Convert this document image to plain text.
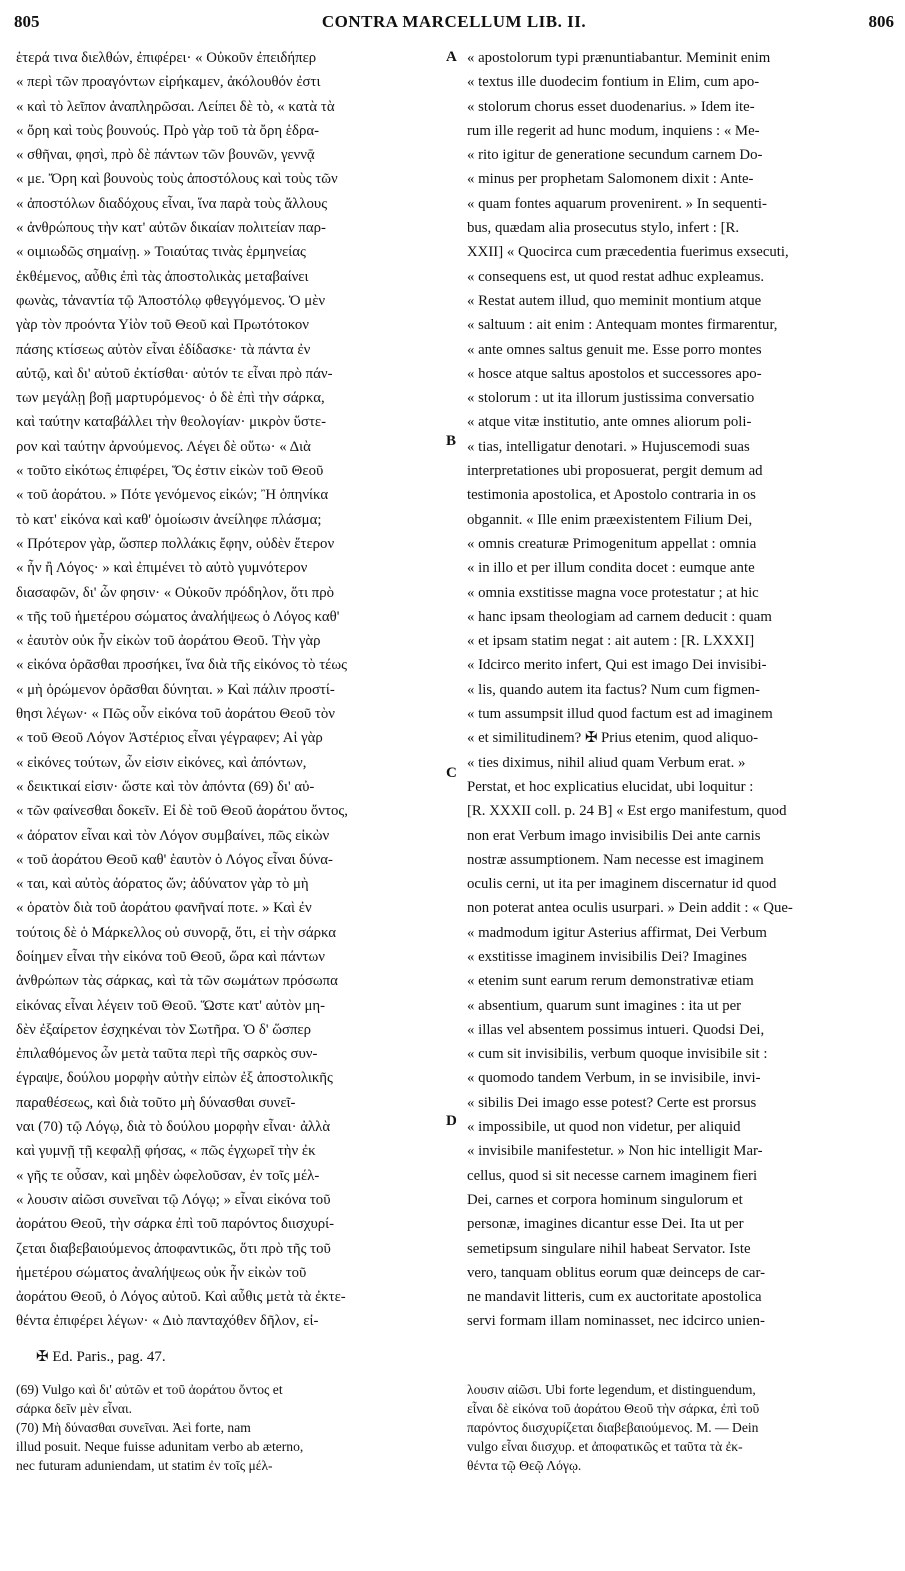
805	CONTRA MARCELLUM LIB. II.	806
ἑτερά τινα διελθών, ἐπιφέρει· « Οὐκοῦν ἐπειδήπερ
« περὶ τῶν προαγόντων εἰρήκαμεν, ἀκόλουθόν ἐστι
« καὶ τὸ λεῖπον ἀναπληρῶσαι. Λείπει δὲ τὸ, « κατὰ τὰ
« ὄρη καὶ τοὺς βουνούς. Πρὸ γὰρ τοῦ τὰ ὄρη ἑδρα-
« σθῆναι, φησὶ, πρὸ δὲ πάντων τῶν βουνῶν, γεννᾷ
« με. Ὄρη καὶ βουνοὺς τοὺς ἀποστόλους καὶ τοὺς τῶν
« ἀποστόλων διαδόχους εἶναι, ἵνα παρὰ τοὺς ἄλλους
« ἀνθρώπους τὴν κατ' αὐτῶν δικαίαν πολιτείαν παρ-
« οιμιωδῶς σημαίνῃ. » Τοιαύτας τινὰς ἑρμηνείας
ἐκθέμενος, αὖθις ἐπὶ τὰς ἀποστολικὰς μεταβαίνει
φωνὰς, τἀναντία τῷ Ἀποστόλῳ φθεγγόμενος. Ὁ μὲν
γὰρ τὸν προόντα Υἱὸν τοῦ Θεοῦ καὶ Πρωτότοκον
πάσης κτίσεως αὐτὸν εἶναι ἐδίδασκε· τὰ πάντα ἐν
αὐτῷ, καὶ δι' αὐτοῦ ἐκτίσθαι· αὐτόν τε εἶναι πρὸ πάν-
των μεγάλῃ βοῇ μαρτυρόμενος· ὁ δὲ ἐπὶ τὴν σάρκα,
καὶ ταύτην καταβάλλει τὴν θεολογίαν· μικρὸν ὕστε-
ρον καὶ ταύτην ἀρνούμενος. Λέγει δὲ οὕτω· « Διὰ
« τοῦτο εἰκότως ἐπιφέρει, Ὅς ἐστιν εἰκὼν τοῦ Θεοῦ
« τοῦ ἀοράτου. » Πότε γενόμενος εἰκών; Ἢ ὁπηνίκα
τὸ κατ' εἰκόνα καὶ καθ' ὁμοίωσιν ἀνείληφε πλάσμα;
« Πρότερον γὰρ, ὥσπερ πολλάκις ἔφην, οὐδὲν ἕτερον
« ἦν ἢ Λόγος· » καὶ ἐπιμένει τὸ αὐτὸ γυμνότερον
διασαφῶν, δι' ὧν φησιν· « Οὐκοῦν πρόδηλον, ὅτι πρὸ
« τῆς τοῦ ἡμετέρου σώματος ἀναλήψεως ὁ Λόγος καθ'
« ἑαυτὸν οὐκ ἦν εἰκὼν τοῦ ἀοράτου Θεοῦ. Τὴν γὰρ
« εἰκόνα ὁρᾶσθαι προσήκει, ἵνα διὰ τῆς εἰκόνος τὸ τέως
« μὴ ὁρώμενον ὁρᾶσθαι δύνηται. » Καὶ πάλιν προστί-
θησι λέγων· « Πῶς οὖν εἰκόνα τοῦ ἀοράτου Θεοῦ τὸν
« τοῦ Θεοῦ Λόγον Ἀστέριος εἶναι γέγραφεν; Αἱ γὰρ
« εἰκόνες τούτων, ὧν εἰσιν εἰκόνες, καὶ ἀπόντων,
« δεικτικαί εἰσιν· ὥστε καὶ τὸν ἀπόντα (69) δι' αὐ-
« τῶν φαίνεσθαι δοκεῖν. Εἰ δὲ τοῦ Θεοῦ ἀοράτου ὄντος,
« ἀόρατον εἶναι καὶ τὸν Λόγον συμβαίνει, πῶς εἰκὼν
« τοῦ ἀοράτου Θεοῦ καθ' ἑαυτὸν ὁ Λόγος εἶναι δύνα-
« ται, καὶ αὐτὸς ἀόρατος ὤν; ἀδύνατον γὰρ τὸ μὴ
« ὁρατὸν διὰ τοῦ ἀοράτου φανῆναί ποτε. » Καὶ ἐν
τούτοις δὲ ὁ Μάρκελλος οὐ συνορᾷ, ὅτι, εἰ τὴν σάρκα
δοίημεν εἶναι τὴν εἰκόνα τοῦ Θεοῦ, ὥρα καὶ πάντων
ἀνθρώπων τὰς σάρκας, καὶ τὰ τῶν σωμάτων πρόσωπα
εἰκόνας εἶναι λέγειν τοῦ Θεοῦ. Ὥστε κατ' αὐτὸν μη-
δὲν ἐξαίρετον ἐσχηκέναι τὸν Σωτῆρα. Ὁ δ' ὥσπερ
ἐπιλαθόμενος ὧν μετὰ ταῦτα περὶ τῆς σαρκὸς συν-
έγραψε, δούλου μορφὴν αὐτὴν εἰπὼν ἐξ ἀποστολικῆς
παραθέσεως, καὶ διὰ τοῦτο μὴ δύνασθαι συνεῖ-
ναι (70) τῷ Λόγῳ, διὰ τὸ δούλου μορφὴν εἶναι· ἀλλὰ
καὶ γυμνῇ τῇ κεφαλῇ φήσας, « πῶς ἐγχωρεῖ τὴν ἐκ
« γῆς τε οὖσαν, καὶ μηδὲν ὠφελοῦσαν, ἐν τοῖς μέλ-
« λουσιν αἰῶσι συνεῖναι τῷ Λόγῳ; » εἶναι εἰκόνα τοῦ
ἀοράτου Θεοῦ, τὴν σάρκα ἐπὶ τοῦ παρόντος διισχυρί-
ζεται διαβεβαιούμενος ἀποφαντικῶς, ὅτι πρὸ τῆς τοῦ
ἡμετέρου σώματος ἀναλήψεως οὐκ ἦν εἰκὼν τοῦ
ἀοράτου Θεοῦ, ὁ Λόγος αὐτοῦ. Καὶ αὖθις μετὰ τὰ ἐκτε-
θέντα ἐπιφέρει λέγων· « Διὸ πανταχόθεν δῆλον, εἰ-
« apostolorum typi prænuntiabantur. Meminit enim
« textus ille duodecim fontium in Elim, cum apo-
« stolorum chorus esset duodenarius. » Idem ite-
rum ille regerit ad hunc modum, inquiens : « Me-
« rito igitur de generatione secundum carnem Do-
« minus per prophetam Salomonem dixit : Ante-
« quam fontes aquarum provenirent. » In sequenti-
bus, quædam alia prosecutus stylo, infert : [R.
XXII] « Quocirca cum præcedentia fuerimus exsecuti,
« consequens est, ut quod restat adhuc expleamus.
« Restat autem illud, quo meminit montium atque
« saltuum : ait enim : Antequam montes firmarentur,
« ante omnes saltus genuit me. Esse porro montes
« hosce atque saltus apostolos et successores apo-
« stolorum : ut ita illorum justissima conversatio
« atque vitæ institutio, ante omnes aliorum poli-
« tias, intelligatur denotari. » Hujuscemodi suas
interpretationes ubi proposuerat, pergit demum ad
testimonia apostolica, et Apostolo contraria in os
obgannit. « Ille enim præexistentem Filium Dei,
« omnis creaturæ Primogenitum appellat : omnia
« in illo et per illum condita docet : eumque ante
« omnia exstitisse magna voce protestatur ; at hic
« hanc ipsam theologiam ad carnem deducit : quam
« et ipsam statim negat : ait autem : [R. LXXXI]
« Idcirco merito infert, Qui est imago Dei invisibi-
« lis, quando autem ita factus? Num cum figmen-
« tum assumpsit illud quod factum est ad imaginem
« et similitudinem? ✠ Prius etenim, quod aliquo-
« ties diximus, nihil aliud quam Verbum erat. »
Perstat, et hoc explicatius elucidat, ubi loquitur :
[R. XXXII coll. p. 24 B] « Est ergo manifestum, quod
non erat Verbum imago invisibilis Dei ante carnis
nostræ assumptionem. Nam necesse est imaginem
oculis cerni, ut ita per imaginem discernatur id quod
non poterat antea oculis usurpari. » Dein addit : « Que-
« madmodum igitur Asterius affirmat, Dei Verbum
« exstitisse imaginem invisibilis Dei? Imagines
« etenim sunt earum rerum demonstrativæ etiam
« absentium, quarum sunt imagines : ita ut per
« illas vel absentem possimus intueri. Quodsi Dei,
« cum sit invisibilis, verbum quoque invisibile sit :
« quomodo tandem Verbum, in se invisibile, invi-
« sibilis Dei imago esse potest? Certe est prorsus
« impossibile, ut quod non videtur, per aliquid
« invisibile manifestetur. » Non hic intelligit Mar-
cellus, quod si sit necesse carnem imaginem fieri
Dei, carnes et corpora hominum singulorum et
personæ, imagines dicantur esse Dei. Ita ut per
semetipsum singulare nihil habeat Servator. Iste
vero, tanquam oblitus eorum quæ deinceps de car-
ne mandavit litteris, cum ex auctoritate apostolica
servi formam illam nominasset, nec idcirco unien-
A
B
C
D
✠ Ed. Paris., pag. 47.
(69) Vulgo καὶ δι' αὐτῶν et τοῦ ἀοράτου ὄντος et
σάρκα δεῖν μὲν εἶναι.
(70) Μὴ δύνασθαι συνεῖναι. Ἀεὶ forte, nam
illud posuit. Neque fuisse adunitam verbo ab æterno,
nec futuram aduniendam, ut statim ἐν τοῖς μέλ-
λουσιν αἰῶσι. Ubi forte legendum, et distinguendum,
εἶναι δὲ εἰκόνα τοῦ ἀοράτου Θεοῦ τὴν σάρκα, ἐπὶ τοῦ
παρόντος διισχυρίζεται διαβεβαιούμενος. M. — Dein
vulgo εἶναι διισχυρ. et ἀποφατικῶς et ταῦτα τὰ ἐκ-
θέντα τῷ Θεῷ Λόγῳ.
